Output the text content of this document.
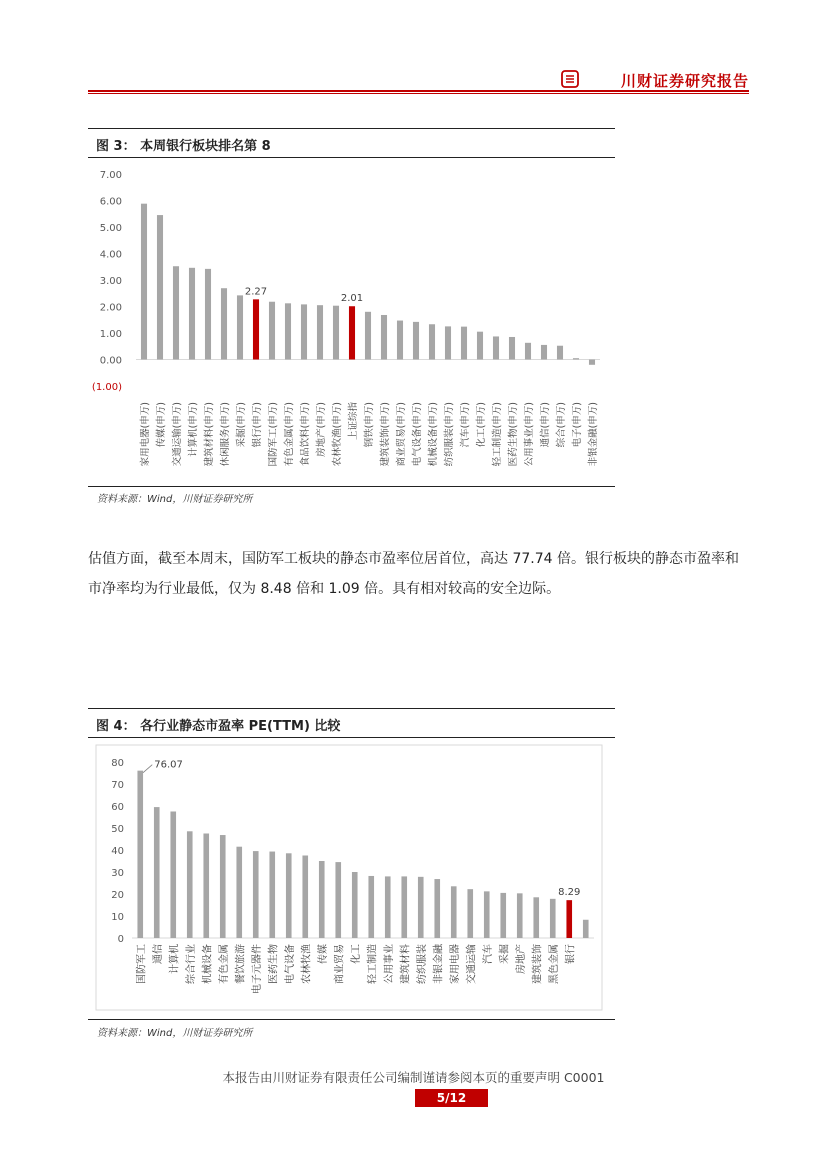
川财证券研究报告
图 3： 本周银行板块排名第 8
7.00
6.00
5.00
4.00
3.00
2.00
1.00
0.00
(1.00)
家用电器(申万) 传媒(申万) 交通运输(申万) 计算机(申万) 建筑材料(申万) 休闲服务(申万) 采掘(申万)
2.27
银行(申万) 国防军工(申万) 有色金属(申万) 食品饮料(申万) 房地产(申万) 农林牧渔(申万)
2.01
上证综指 钢铁(申万) 建筑装饰(申万) 商业贸易(申万) 电气设备(申万) 机械设备(申万) 纺织服装(申万) 汽车(申万) 化工(申万) 轻工制造(申万) 医药生物(申万) 公用事业(申万) 通信(申万) 综合(申万) 电子(申万) 非银金融(申万)
资料来源：Wind，川财证券研究所
估值方面，截至本周末，国防军工板块的静态市盈率位居首位，高达 77.74 倍。银行板块的静态市盈率和市净率均为行业最低，仅为 8.48 倍和 1.09 倍。具有相对较高的安全边际。
图 4： 各行业静态市盈率 PE(TTM) 比较
80
70
60
50
40
30
20
10
0
76.07
国防军工 通信 计算机 综合行业 机械设备 有色金属 餐饮旅游 电子元器件 医药生物 电气设备 农林牧渔 传媒 商业贸易 化工 轻工制造 公用事业 建筑材料 纺织服装 非银金融 家用电器 交通运输 汽车 采掘 房地产 建筑装饰 黑色金属
8.29
银行
资料来源：Wind，川财证券研究所
本报告由川财证券有限责任公司编制谨请参阅本页的重要声明 C0001
5/12
